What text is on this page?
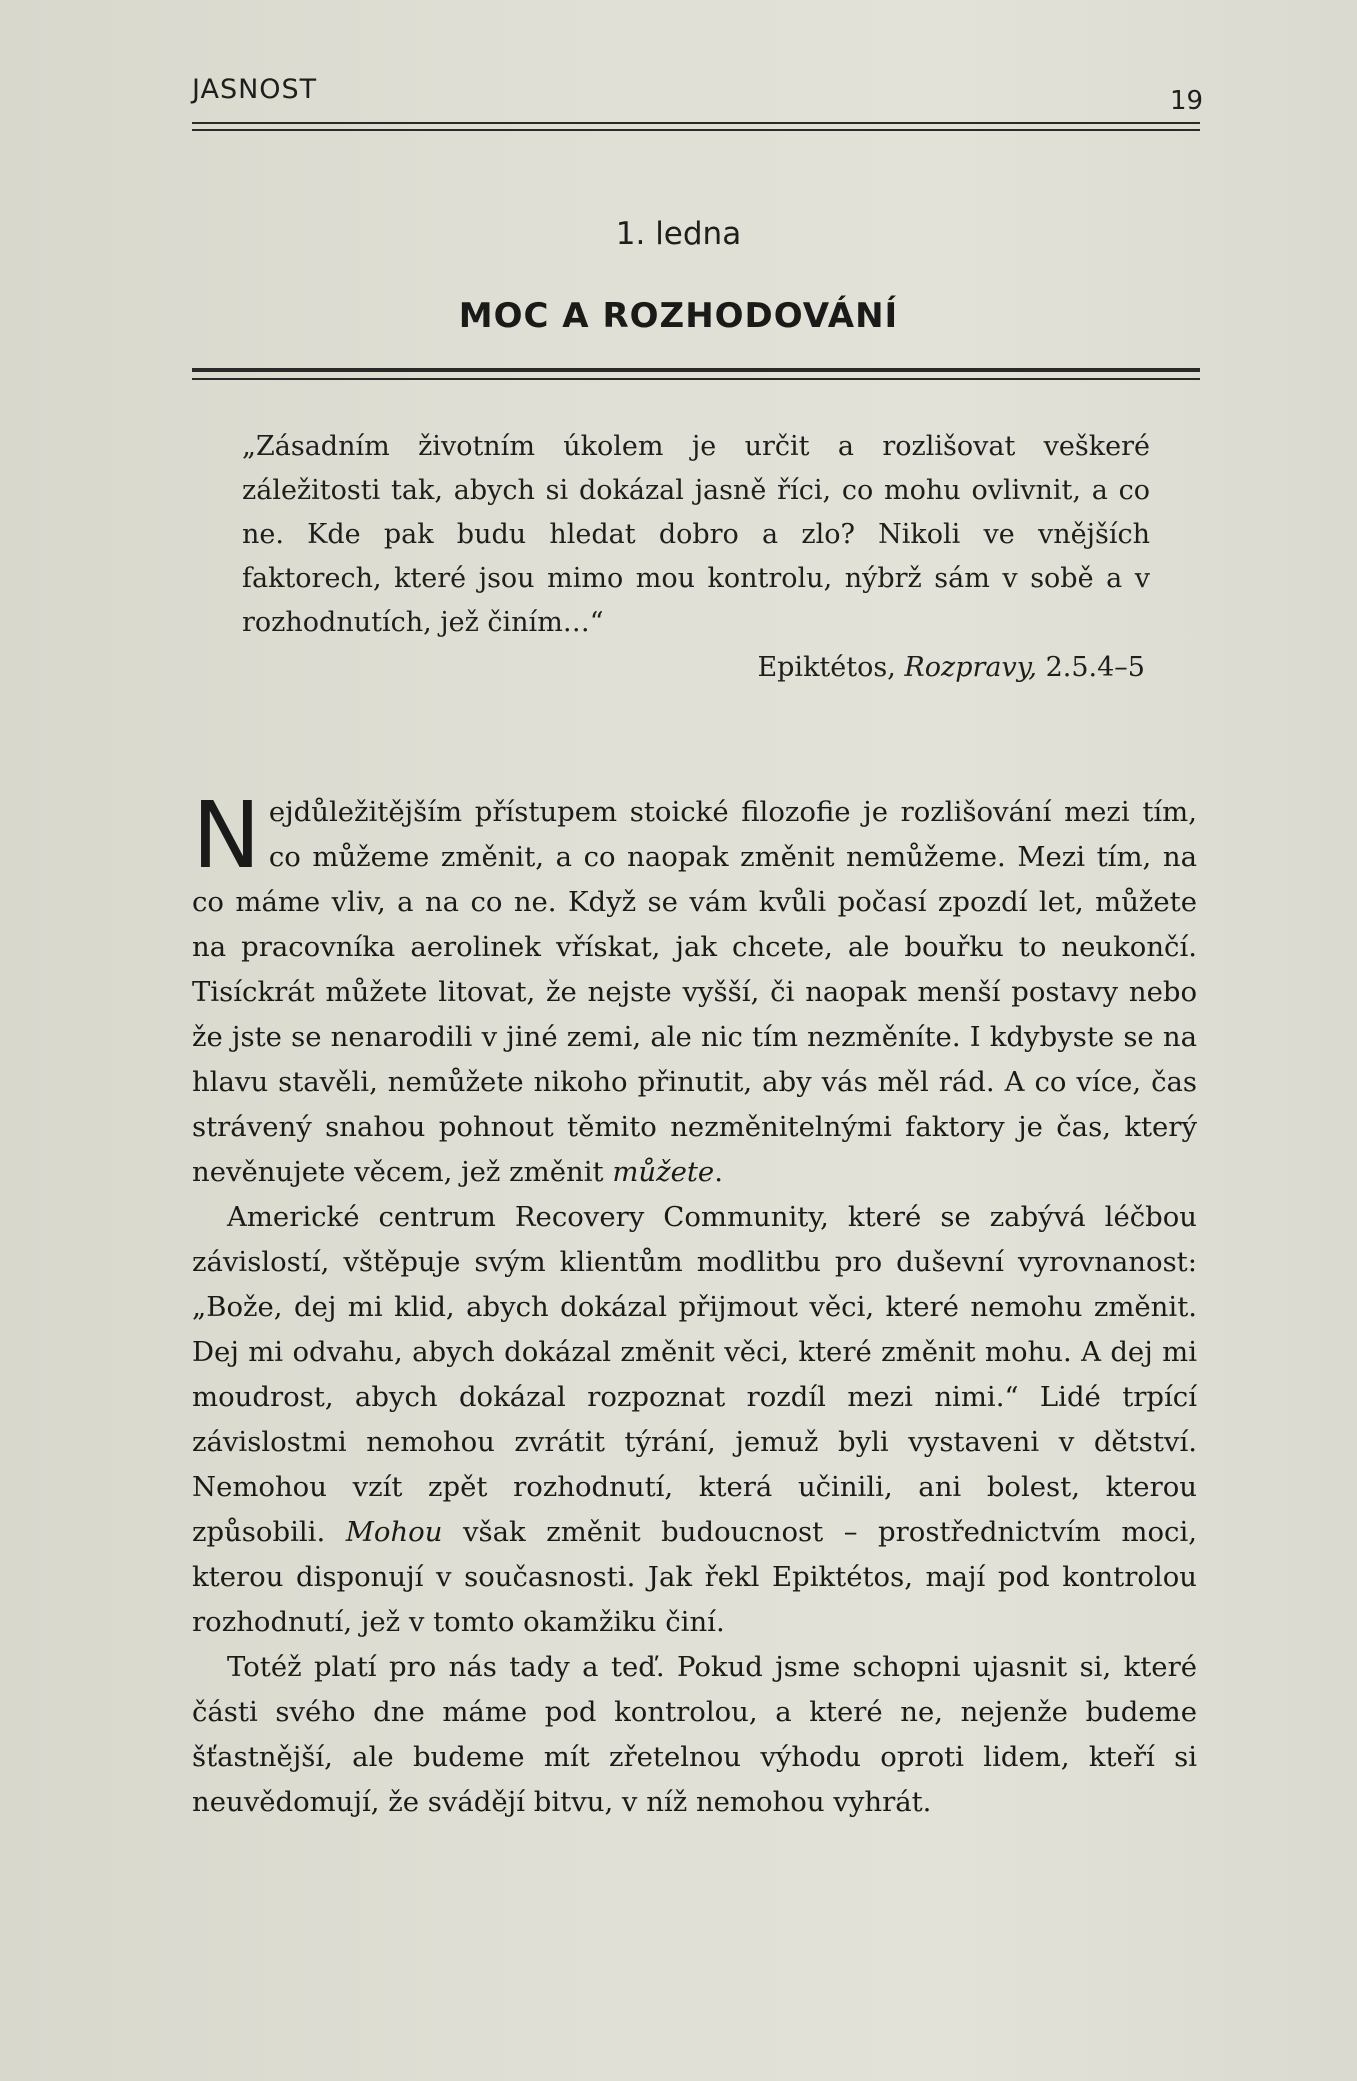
JASNOST	19
1. ledna
MOC A ROZHODOVÁNÍ

„Zásadním životním úkolem je určit a rozlišovat veškeré záležitosti tak, abych si dokázal jasně říci, co mohu ovlivnit, a co ne. Kde pak budu hledat dobro a zlo? Nikoli ve vnějších faktorech, které jsou mimo mou kontrolu, nýbrž sám v sobě a v rozhodnutích, jež činím…“

Epiktétos, Rozpravy, 2.5.4–5

Nejdůležitějším přístupem stoické filozofie je rozlišování mezi tím, co můžeme změnit, a co naopak změnit nemůžeme. Mezi tím, na co máme vliv, a na co ne. Když se vám kvůli počasí zpozdí let, můžete na pracovníka aerolinek vřískat, jak chcete, ale bouřku to neukončí. Tisíckrát můžete litovat, že nejste vyšší, či naopak menší postavy nebo že jste se nenarodili v jiné zemi, ale nic tím nezměníte. I kdybyste se na hlavu stavěli, nemůžete nikoho přinutit, aby vás měl rád. A co více, čas strávený snahou pohnout těmito nezměnitelnými faktory je čas, který nevěnujete věcem, jež změnit můžete.

Americké centrum Recovery Community, které se zabývá léčbou závislostí, vštěpuje svým klientům modlitbu pro duševní vyrovnanost: „Bože, dej mi klid, abych dokázal přijmout věci, které nemohu změnit. Dej mi odvahu, abych dokázal změnit věci, které změnit mohu. A dej mi moudrost, abych dokázal rozpoznat rozdíl mezi nimi.“ Lidé trpící závislostmi nemohou zvrátit týrání, jemuž byli vystaveni v dětství. Nemohou vzít zpět rozhodnutí, která učinili, ani bolest, kterou způsobili. Mohou však změnit budoucnost – prostřednictvím moci, kterou disponují v současnosti. Jak řekl Epiktétos, mají pod kontrolou rozhodnutí, jež v tomto okamžiku činí.

Totéž platí pro nás tady a teď. Pokud jsme schopni ujasnit si, které části svého dne máme pod kontrolou, a které ne, nejenže budeme šťastnější, ale budeme mít zřetelnou výhodu oproti lidem, kteří si neuvědomují, že svádějí bitvu, v níž nemohou vyhrát.
